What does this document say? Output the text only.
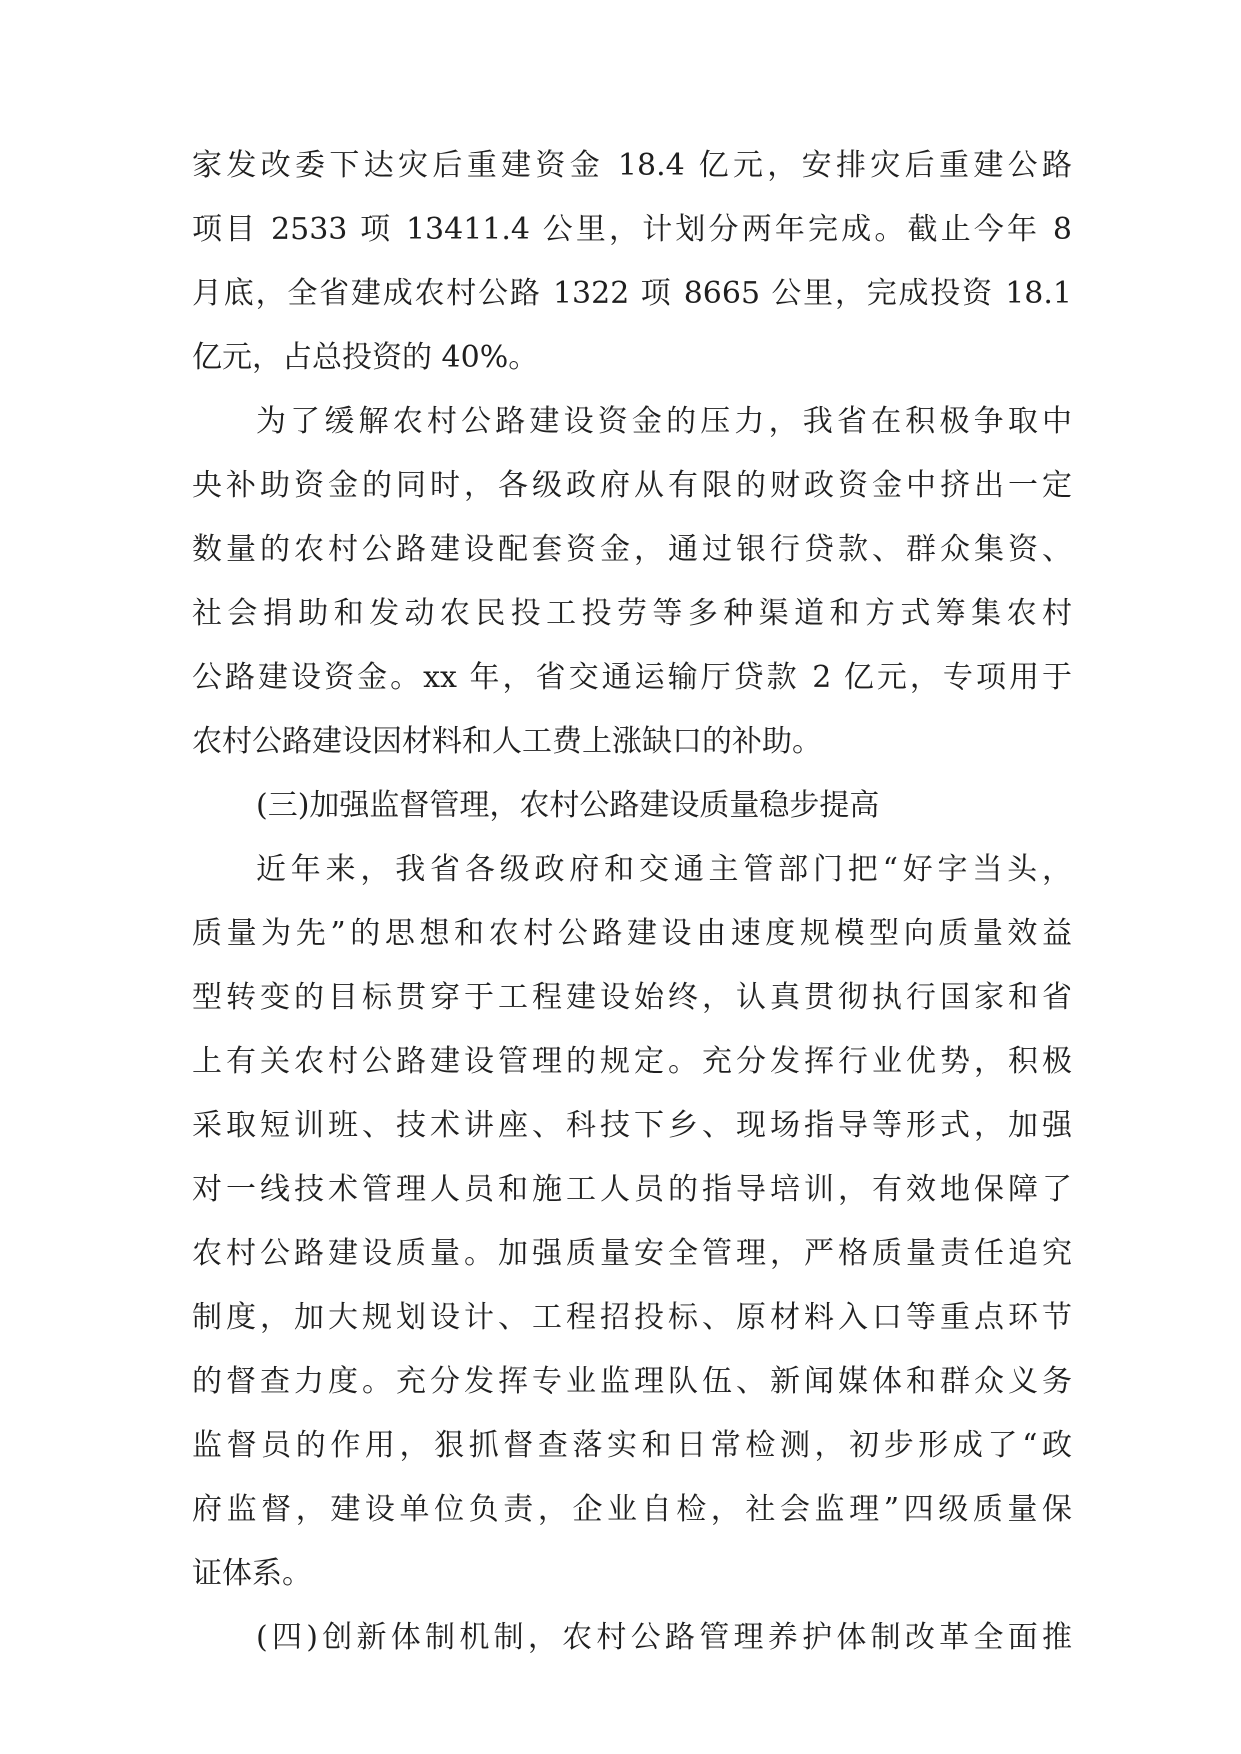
家发改委下达灾后重建资金 18.4 亿元，安排灾后重建公路
项目 2533 项 13411.4 公里，计划分两年完成。截止今年 8
月底，全省建成农村公路 1322 项 8665 公里，完成投资 18.1
亿元，占总投资的 40%。
为了缓解农村公路建设资金的压力，我省在积极争取中
央补助资金的同时，各级政府从有限的财政资金中挤出一定
数量的农村公路建设配套资金，通过银行贷款、群众集资、
社会捐助和发动农民投工投劳等多种渠道和方式筹集农村
公路建设资金。xx 年，省交通运输厅贷款 2 亿元，专项用于
农村公路建设因材料和人工费上涨缺口的补助。
(三)加强监督管理，农村公路建设质量稳步提高
近年来，我省各级政府和交通主管部门把“好字当头，
质量为先”的思想和农村公路建设由速度规模型向质量效益
型转变的目标贯穿于工程建设始终，认真贯彻执行国家和省
上有关农村公路建设管理的规定。充分发挥行业优势，积极
采取短训班、技术讲座、科技下乡、现场指导等形式，加强
对一线技术管理人员和施工人员的指导培训，有效地保障了
农村公路建设质量。加强质量安全管理，严格质量责任追究
制度，加大规划设计、工程招投标、原材料入口等重点环节
的督查力度。充分发挥专业监理队伍、新闻媒体和群众义务
监督员的作用，狠抓督查落实和日常检测，初步形成了“政
府监督，建设单位负责，企业自检，社会监理”四级质量保
证体系。
(四)创新体制机制，农村公路管理养护体制改革全面推
